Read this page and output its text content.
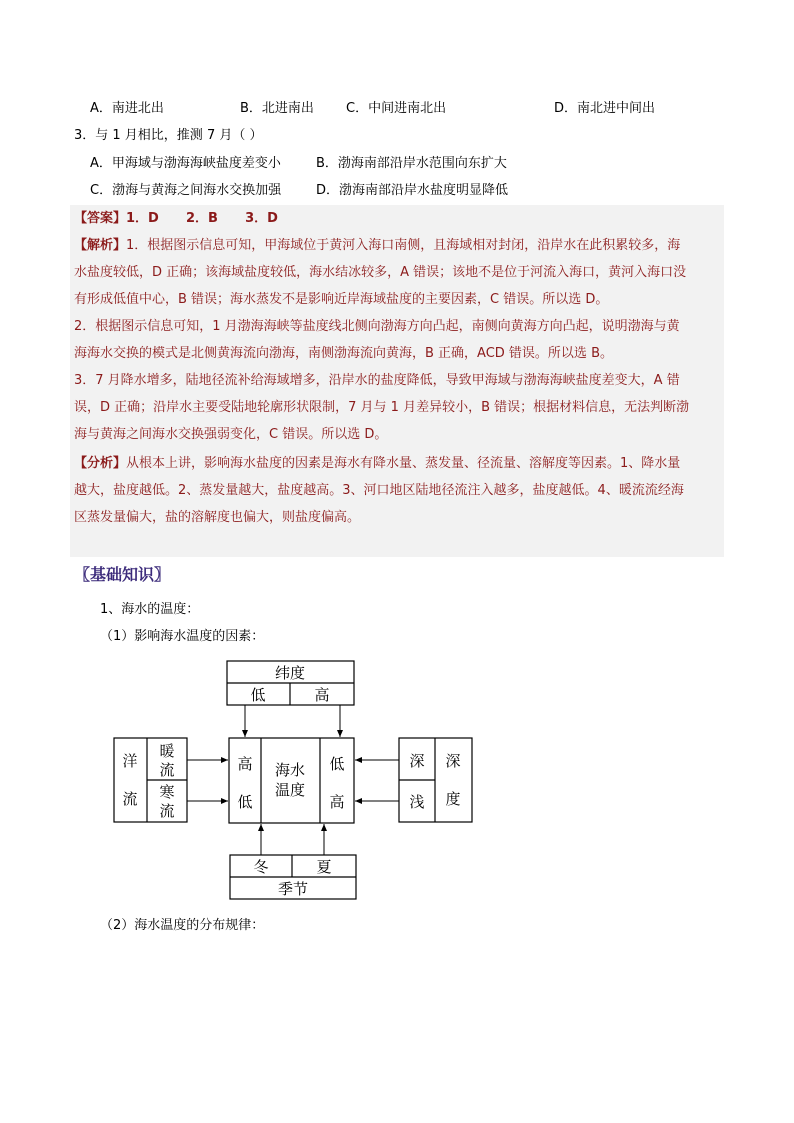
A．南进北出	B．北进南出 C．中间进南北出	D．南北进中间出
3．与 1 月相比，推测 7 月（ ）
A．甲海域与渤海海峡盐度差变小	B．渤海南部沿岸水范围向东扩大
C．渤海与黄海之间海水交换加强	D．渤海南部沿岸水盐度明显降低
【答案】1．D      2．B      3．D
【解析】1．根据图示信息可知，甲海域位于黄河入海口南侧，且海域相对封闭，沿岸水在此积累较多，海
水盐度较低，D 正确；该海域盐度较低，海水结冰较多，A 错误；该地不是位于河流入海口，黄河入海口没
有形成低值中心，B 错误；海水蒸发不是影响近岸海域盐度的主要因素，C 错误。所以选 D。
2．根据图示信息可知，1 月渤海海峡等盐度线北侧向渤海方向凸起，南侧向黄海方向凸起，说明渤海与黄
海海水交换的模式是北侧黄海流向渤海，南侧渤海流向黄海，B 正确，ACD 错误。所以选 B。
3．7 月降水增多，陆地径流补给海域增多，沿岸水的盐度降低，导致甲海域与渤海海峡盐度差变大，A 错
误，D 正确；沿岸水主要受陆地轮廓形状限制，7 月与 1 月差异较小，B 错误；根据材料信息，无法判断渤
海与黄海之间海水交换强弱变化，C 错误。所以选 D。
【分析】从根本上讲，影响海水盐度的因素是海水有降水量、蒸发量、径流量、溶解度等因素。1、降水量
越大，盐度越低。2、蒸发量越大，盐度越高。3、河口地区陆地径流注入越多，盐度越低。4、暖流流经海
区蒸发量偏大，盐的溶解度也偏大，则盐度偏高。
〖基础知识〗
1、海水的温度：
（1）影响海水温度的因素：
纬度
低	高
洋
流
暖
流
寒
流
高
低
海水
温度
低
高
深
浅
深
度
冬	夏
季节
（2）海水温度的分布规律：
